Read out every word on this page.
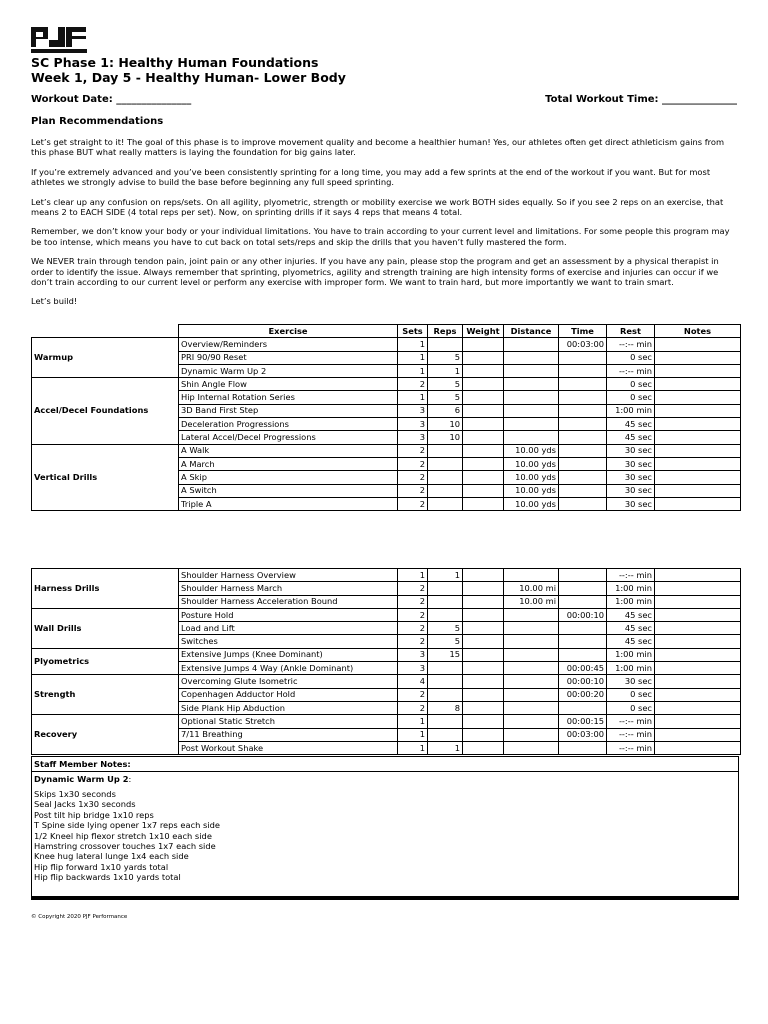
SC Phase 1: Healthy Human Foundations
Week 1, Day 5 - Healthy Human- Lower Body
Workout Date: _______________	Total Workout Time: _______________
Plan Recommendations

Let’s get straight to it! The goal of this phase is to improve movement quality and become a healthier human! Yes, our athletes often get direct athleticism gains from this phase BUT what really matters is laying the foundation for big gains later.

If you’re extremely advanced and you’ve been consistently sprinting for a long time, you may add a few sprints at the end of the workout if you want. But for most athletes we strongly advise to build the base before beginning any full speed sprinting.

Let’s clear up any confusion on reps/sets. On all agility, plyometric, strength or mobility exercise we work BOTH sides equally. So if you see 2 reps on an exercise, that means 2 to EACH SIDE (4 total reps per set). Now, on sprinting drills if it says 4 reps that means 4 total.

Remember, we don’t know your body or your individual limitations. You have to train according to your current level and limitations. For some people this program may be too intense, which means you have to cut back on total sets/reps and skip the drills that you haven’t fully mastered the form.

We NEVER train through tendon pain, joint pain or any other injuries. If you have any pain, please stop the program and get an assessment by a physical therapist in order to identify the issue. Always remember that sprinting, plyometrics, agility and strength training are high intensity forms of exercise and injuries can occur if we don’t train according to our current level or perform any exercise with improper form. We want to train hard, but more importantly we want to train smart.

Let’s build!

	Exercise	Sets	Reps	Weight	Distance	Time	Rest	Notes
Warmup	Overview/Reminders	1				00:03:00	--:-- min	
	PRI 90/90 Reset	1	5				0 sec	
	Dynamic Warm Up 2	1	1				--:-- min	
Accel/Decel Foundations	Shin Angle Flow	2	5				0 sec	
	Hip Internal Rotation Series	1	5				0 sec	
	3D Band First Step	3	6				1:00 min	
	Deceleration Progressions	3	10				45 sec	
	Lateral Accel/Decel Progressions	3	10				45 sec	
Vertical Drills	A Walk	2			10.00 yds		30 sec	
	A March	2			10.00 yds		30 sec	
	A Skip	2			10.00 yds		30 sec	
	A Switch	2			10.00 yds		30 sec	
	Triple A	2			10.00 yds		30 sec	
Harness Drills	Shoulder Harness Overview	1	1				--:-- min	
	Shoulder Harness March	2			10.00 mi		1:00 min	
	Shoulder Harness Acceleration Bound	2			10.00 mi		1:00 min	
Wall Drills	Posture Hold	2				00:00:10	45 sec	
	Load and Lift	2	5				45 sec	
	Switches	2	5				45 sec	
Plyometrics	Extensive Jumps (Knee Dominant)	3	15				1:00 min	
	Extensive Jumps 4 Way (Ankle Dominant)	3				00:00:45	1:00 min	
Strength	Overcoming Glute Isometric	4				00:00:10	30 sec	
	Copenhagen Adductor Hold	2				00:00:20	0 sec	
	Side Plank Hip Abduction	2	8				0 sec	
Recovery	Optional Static Stretch	1				00:00:15	--:-- min	
	7/11 Breathing	1				00:03:00	--:-- min	
	Post Workout Shake	1	1				--:-- min	
Staff Member Notes:
Dynamic Warm Up 2:
Skips 1x30 seconds
Seal Jacks 1x30 seconds
Post tilt hip bridge 1x10 reps
T Spine side lying opener 1x7 reps each side
1/2 Kneel hip flexor stretch 1x10 each side
Hamstring crossover touches 1x7 each side
Knee hug lateral lunge 1x4 each side
Hip flip forward 1x10 yards total
Hip flip backwards 1x10 yards total
© Copyright 2020 PJF Performance
